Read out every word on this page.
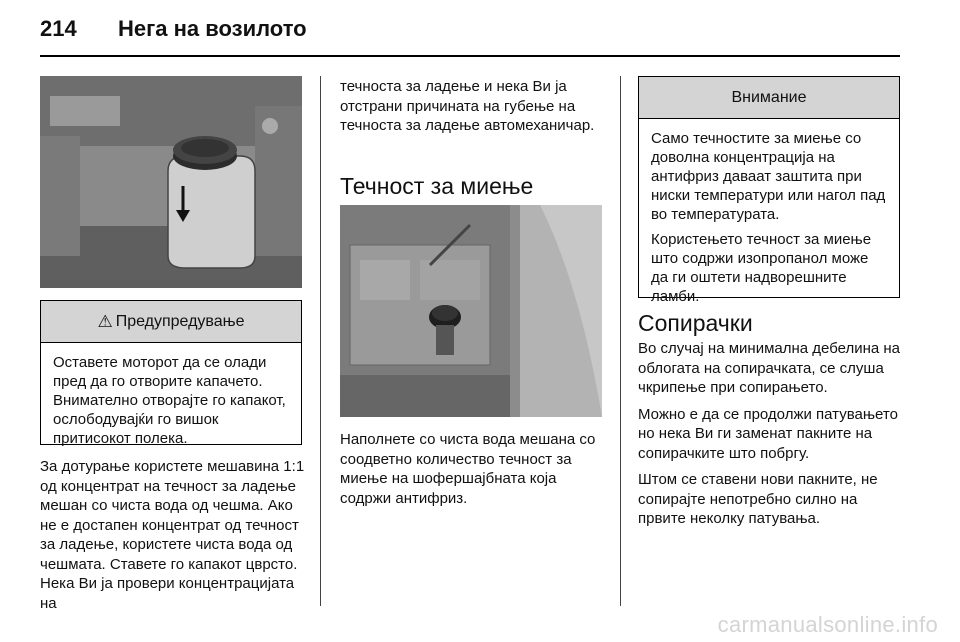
214	Нега на возилото
⚠ Предупредување

Оставете моторот да се олади пред да го отворите капачето. Внимателно отворајте го капакот, ослободувајќи го вишок притисокот полека.

За дотурање користете мешавина 1:1 од концентрат на течност за ладење мешан со чиста вода од чешма. Ако не е достапен концентрат од течност за ладење, користете чиста вода од чешмата. Ставете го капакот цврсто. Нека Ви ја провери концентрацијата на

течноста за ладење и нека Ви ја отстрани причината на губење на течноста за ладење автомеханичар.

Течност за миење

Наполнете со чиста вода мешана со соодветно количество течност за миење на шофершајбната која содржи антифриз.

Внимание

Само течностите за миење со доволна концентрација на антифриз даваат заштита при ниски температури или нагол пад во температурата.

Користењето течност за миење што содржи изопропанол може да ги оштети надворешните ламби.

Сопирачки

Во случај на минимална дебелина на облогата на сопирачката, се слуша чкрипење при сопирањето.

Можно е да се продолжи патувањето но нека Ви ги заменат пакните на сопирачките што побргу.

Штом се ставени нови пакните, не сопирајте непотребно силно на првите неколку патувања.

carmanualsonline.info
